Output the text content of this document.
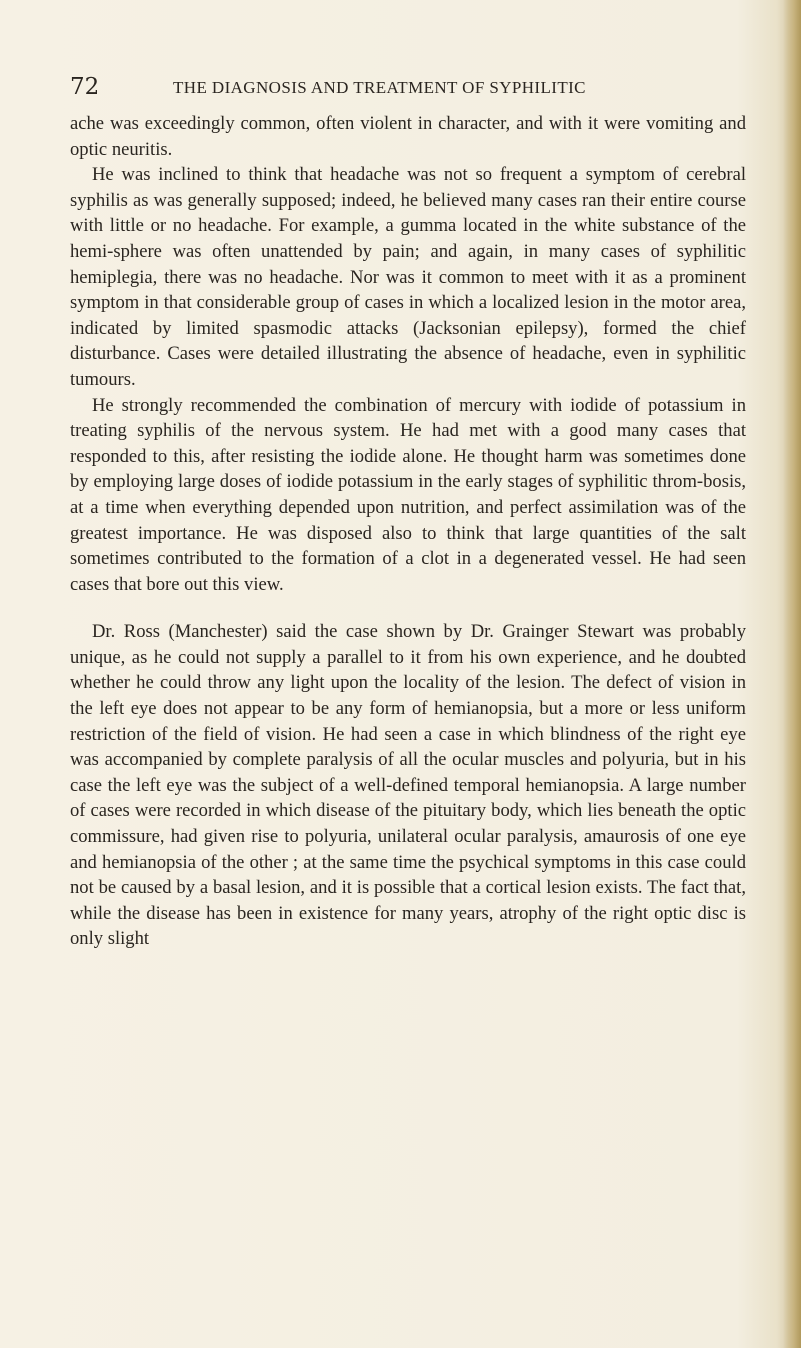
72	THE DIAGNOSIS AND TREATMENT OF SYPHILITIC

ache was exceedingly common, often violent in character, and with it were vomiting and optic neuritis.

He was inclined to think that headache was not so frequent a symptom of cerebral syphilis as was generally supposed; indeed, he believed many cases ran their entire course with little or no headache. For example, a gumma located in the white substance of the hemi-sphere was often unattended by pain; and again, in many cases of syphilitic hemiplegia, there was no headache. Nor was it common to meet with it as a prominent symptom in that considerable group of cases in which a localized lesion in the motor area, indicated by limited spasmodic attacks (Jacksonian epilepsy), formed the chief disturbance. Cases were detailed illustrating the absence of headache, even in syphilitic tumours.

He strongly recommended the combination of mercury with iodide of potassium in treating syphilis of the nervous system. He had met with a good many cases that responded to this, after resisting the iodide alone. He thought harm was sometimes done by employing large doses of iodide potassium in the early stages of syphilitic throm-bosis, at a time when everything depended upon nutrition, and perfect assimilation was of the greatest importance. He was disposed also to think that large quantities of the salt sometimes contributed to the formation of a clot in a degenerated vessel. He had seen cases that bore out this view.

Dr. Ross (Manchester) said the case shown by Dr. Grainger Stewart was probably unique, as he could not supply a parallel to it from his own experience, and he doubted whether he could throw any light upon the locality of the lesion. The defect of vision in the left eye does not appear to be any form of hemianopsia, but a more or less uniform restriction of the field of vision. He had seen a case in which blindness of the right eye was accompanied by complete paralysis of all the ocular muscles and polyuria, but in his case the left eye was the subject of a well-defined temporal hemianopsia. A large number of cases were recorded in which disease of the pituitary body, which lies beneath the optic commissure, had given rise to polyuria, unilateral ocular paralysis, amaurosis of one eye and hemianopsia of the other ; at the same time the psychical symptoms in this case could not be caused by a basal lesion, and it is possible that a cortical lesion exists. The fact that, while the disease has been in existence for many years, atrophy of the right optic disc is only slight
